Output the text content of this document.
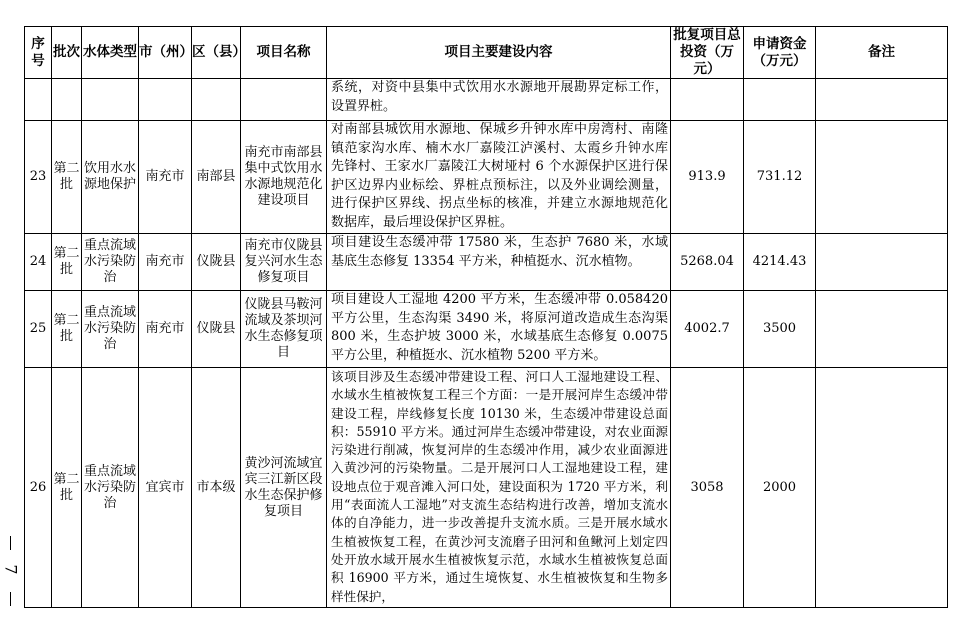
7
序号	批次	水体类型	市（州）	区（县）	项目名称	项目主要建设内容	批复项目总投资（万元）	申请资金（万元）	备注
						系统，对资中县集中式饮用水水源地开展勘界定标工作，设置界桩。			
23	第二批	饮用水水源地保护	南充市	南部县	南充市南部县集中式饮用水水源地规范化建设项目	对南部县城饮用水源地、保城乡升钟水库中房湾村、南隆镇范家沟水库、楠木水厂嘉陵江泸溪村、太霞乡升钟水库先锋村、王家水厂嘉陵江大树垭村 6 个水源保护区进行保护区边界内业标绘、界桩点预标注，以及外业调绘测量，进行保护区界线、拐点坐标的核准，并建立水源地规范化数据库，最后埋设保护区界桩。	913.9	731.12	
24	第二批	重点流域水污染防治	南充市	仪陇县	南充市仪陇县复兴河水生态修复项目	项目建设生态缓冲带 17580 米，生态护 7680 米，水域基底生态修复 13354 平方米，种植挺水、沉水植物。	5268.04	4214.43	
25	第二批	重点流域水污染防治	南充市	仪陇县	仪陇县马鞍河流域及茶坝河水生态修复项目	项目建设人工湿地 4200 平方米，生态缓冲带 0.058420 平方公里，生态沟渠 3490 米，将原河道改造成生态沟渠 800 米，生态护坡 3000 米，水域基底生态修复 0.0075 平方公里，种植挺水、沉水植物 5200 平方米。	4002.7	3500	
26	第二批	重点流域水污染防治	宜宾市	市本级	黄沙河流域宜宾三江新区段水生态保护修复项目	该项目涉及生态缓冲带建设工程、河口人工湿地建设工程、水域水生植被恢复工程三个方面：一是开展河岸生态缓冲带建设工程，岸线修复长度 10130 米，生态缓冲带建设总面积：55910 平方米。通过河岸生态缓冲带建设，对农业面源污染进行削减，恢复河岸的生态缓冲作用，减少农业面源进入黄沙河的污染物量。二是开展河口人工湿地建设工程，建设地点位于观音滩入河口处，建设面积为 1720 平方米，利用“表面流人工湿地”对支流生态结构进行改善，增加支流水体的自净能力，进一步改善提升支流水质。三是开展水域水生植被恢复工程，在黄沙河支流磨子田河和鱼鳅河上划定四处开放水域开展水生植被恢复示范，水域水生植被恢复总面积 16900 平方米，通过生境恢复、水生植被恢复和生物多样性保护，	3058	2000	
